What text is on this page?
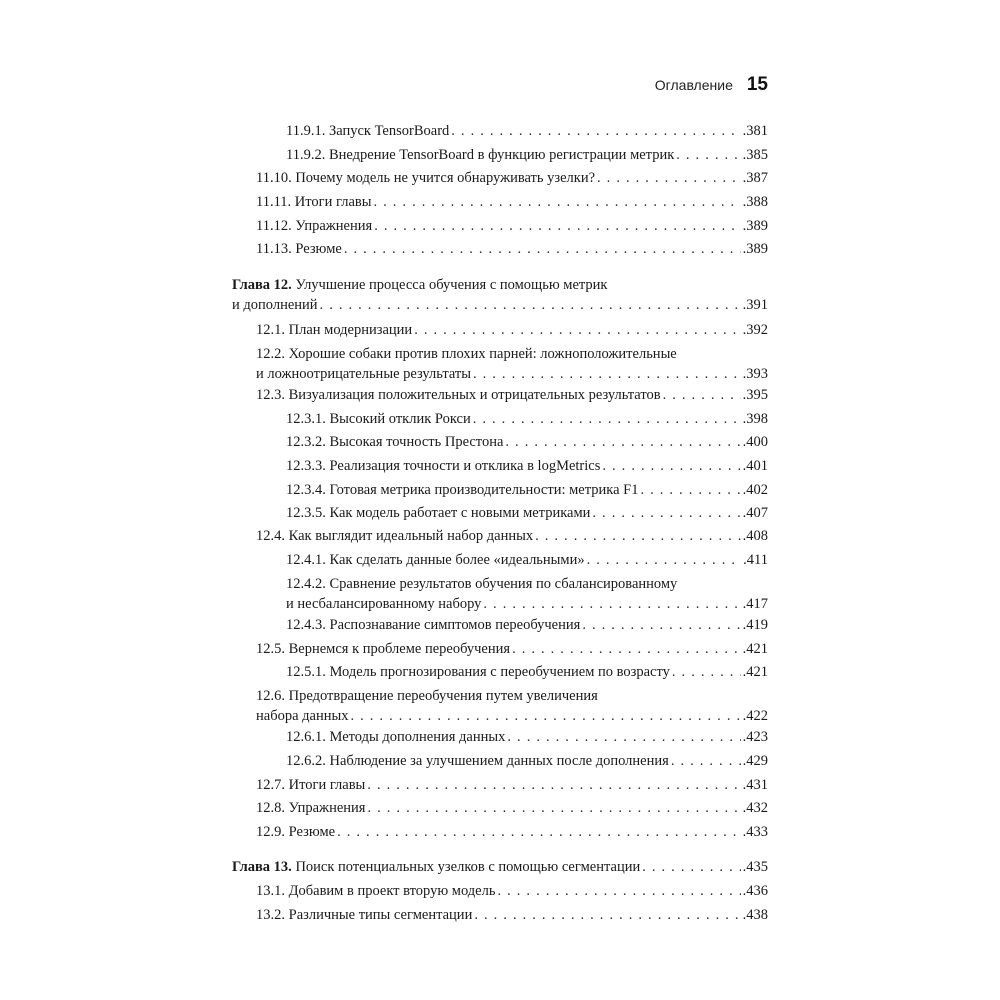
Оглавление 15
11.9.1. Запуск TensorBoard . . .	.381
11.9.2. Внедрение TensorBoard в функцию регистрации метрик . . .	.385
11.10. Почему модель не учится обнаруживать узелки? . . .	.387
11.11. Итоги главы . . .	.388
11.12. Упражнения . . .	.389
11.13. Резюме . . .	.389
Глава 12. Улучшение процесса обучения с помощью метрик
и дополнений . . .	.391
12.1. План модернизации . . .	.392
12.2. Хорошие собаки против плохих парней: ложноположительные
и ложноотрицательные результаты . . .	.393
12.3. Визуализация положительных и отрицательных результатов . . .	.395
12.3.1. Высокий отклик Рокси . . .	.398
12.3.2. Высокая точность Престона . . .	.400
12.3.3. Реализация точности и отклика в logMetrics . . .	.401
12.3.4. Готовая метрика производительности: метрика F1 . . .	.402
12.3.5. Как модель работает с новыми метриками . . .	.407
12.4. Как выглядит идеальный набор данных . . .	.408
12.4.1. Как сделать данные более «идеальными» . . .	.411
12.4.2. Сравнение результатов обучения по сбалансированному
и несбалансированному набору . . .	.417
12.4.3. Распознавание симптомов переобучения . . .	.419
12.5. Вернемся к проблеме переобучения . . .	.421
12.5.1. Модель прогнозирования с переобучением по возрасту . . .	.421
12.6. Предотвращение переобучения путем увеличения
набора данных . . .	.422
12.6.1. Методы дополнения данных . . .	.423
12.6.2. Наблюдение за улучшением данных после дополнения . . .	.429
12.7. Итоги главы . . .	.431
12.8. Упражнения . . .	.432
12.9. Резюме . . .	.433
Глава 13. Поиск потенциальных узелков с помощью сегментации . . .	.435
13.1. Добавим в проект вторую модель . . .	.436
13.2. Различные типы сегментации . . .	.438
